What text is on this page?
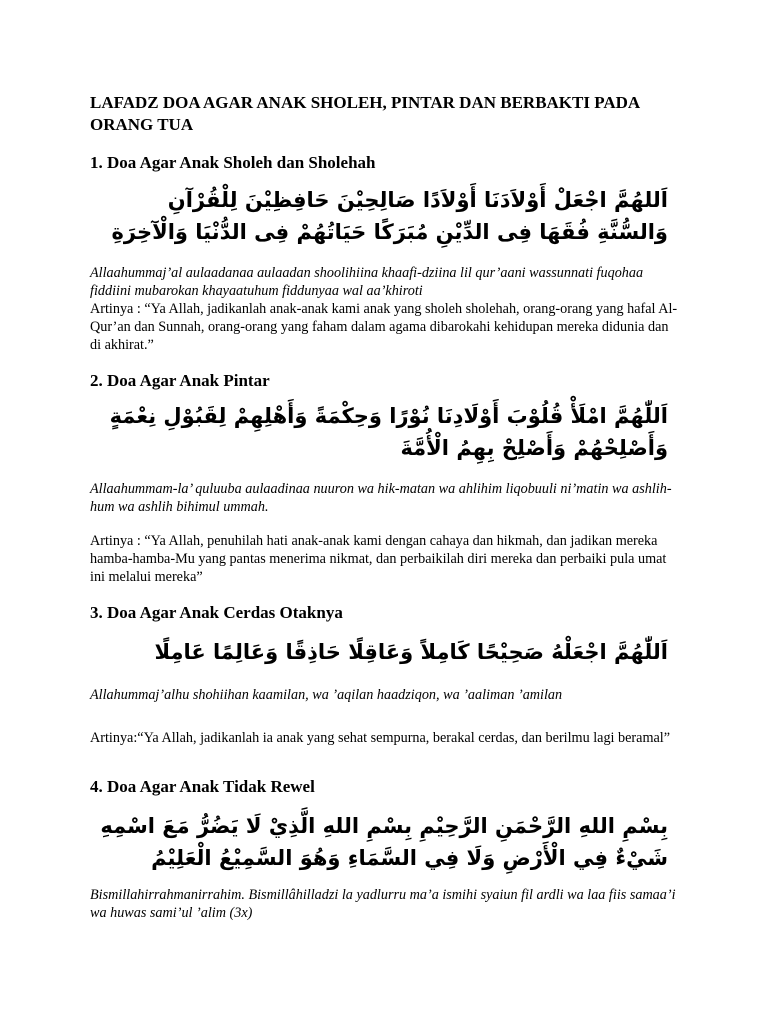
LAFADZ DOA AGAR ANAK SHOLEH, PINTAR DAN BERBAKTI PADA ORANG TUA
1. Doa Agar Anak Sholeh dan Sholehah

اَللهُمَّ اجْعَلْ أَوْلاَدَنَا أَوْلاَدًا صَالِحِيْنَ حَافِظِيْنَ لِلْقُرْآنِ وَالسُّنَّةِ فُقَهَا فِى الدِّيْنِ مُبَرَكًا حَيَاتُهُمْ فِى الدُّنْيَا وَالْآخِرَةِ

Allaahummaj’al aulaadanaa aulaadan shoolihiina khaafi-dziina lil qur’aani wassunnati fuqohaa fiddiini mubarokan khayaatuhum fiddunyaa wal aa’khiroti

Artinya : “Ya Allah, jadikanlah anak-anak kami anak yang sholeh sholehah, orang-orang yang hafal Al-Qur’an dan Sunnah, orang-orang yang faham dalam agama dibarokahi kehidupan mereka didunia dan di akhirat.”

2. Doa Agar Anak Pintar

اَللّٰهُمَّ امْلَأْ قُلُوْبَ أَوْلَادِنَا نُوْرًا وَحِكْمَةً وَأَهْلِهِمْ لِقَبُوْلِ نِعْمَةٍ وَأَصْلِحْهُمْ وَأَصْلِحْ بِهِمُ الْأُمَّةَ

Allaahummam-la’ quluuba aulaadinaa nuuron wa hik-matan wa ahlihim liqobuuli ni’matin wa ashlih-hum wa ashlih bihimul ummah.

Artinya : “Ya Allah, penuhilah hati anak-anak kami dengan cahaya dan hikmah, dan jadikan mereka hamba-hamba-Mu yang pantas menerima nikmat, dan perbaikilah diri mereka dan perbaiki pula umat ini melalui mereka”

3. Doa Agar Anak Cerdas Otaknya

اَللّٰهُمَّ اجْعَلْهُ صَحِيْحًا كَامِلاً وَعَاقِلًا حَاذِقًا وَعَالِمًا عَامِلًا

Allahummaj’alhu shohiihan kaamilan, wa ’aqilan haadziqon, wa ’aaliman ’amilan

Artinya:“Ya Allah, jadikanlah ia anak yang sehat sempurna, berakal cerdas, dan berilmu lagi beramal”

4. Doa Agar Anak Tidak Rewel

بِسْمِ اللهِ الرَّحْمَنِ الرَّحِيْمِ بِسْمِ اللهِ الَّذِيْ لَا يَضُرُّ مَعَ اسْمِهِ شَيْءٌ فِي الْأَرْضِ وَلَا فِي السَّمَاءِ وَهُوَ السَّمِيْعُ الْعَلِيْمُ

Bismillahirrahmanirrahim. Bismillâhilladzi la yadlurru ma’a ismihi syaiun fil ardli wa laa fiis samaa’i wa huwas sami’ul ’alim (3x)
